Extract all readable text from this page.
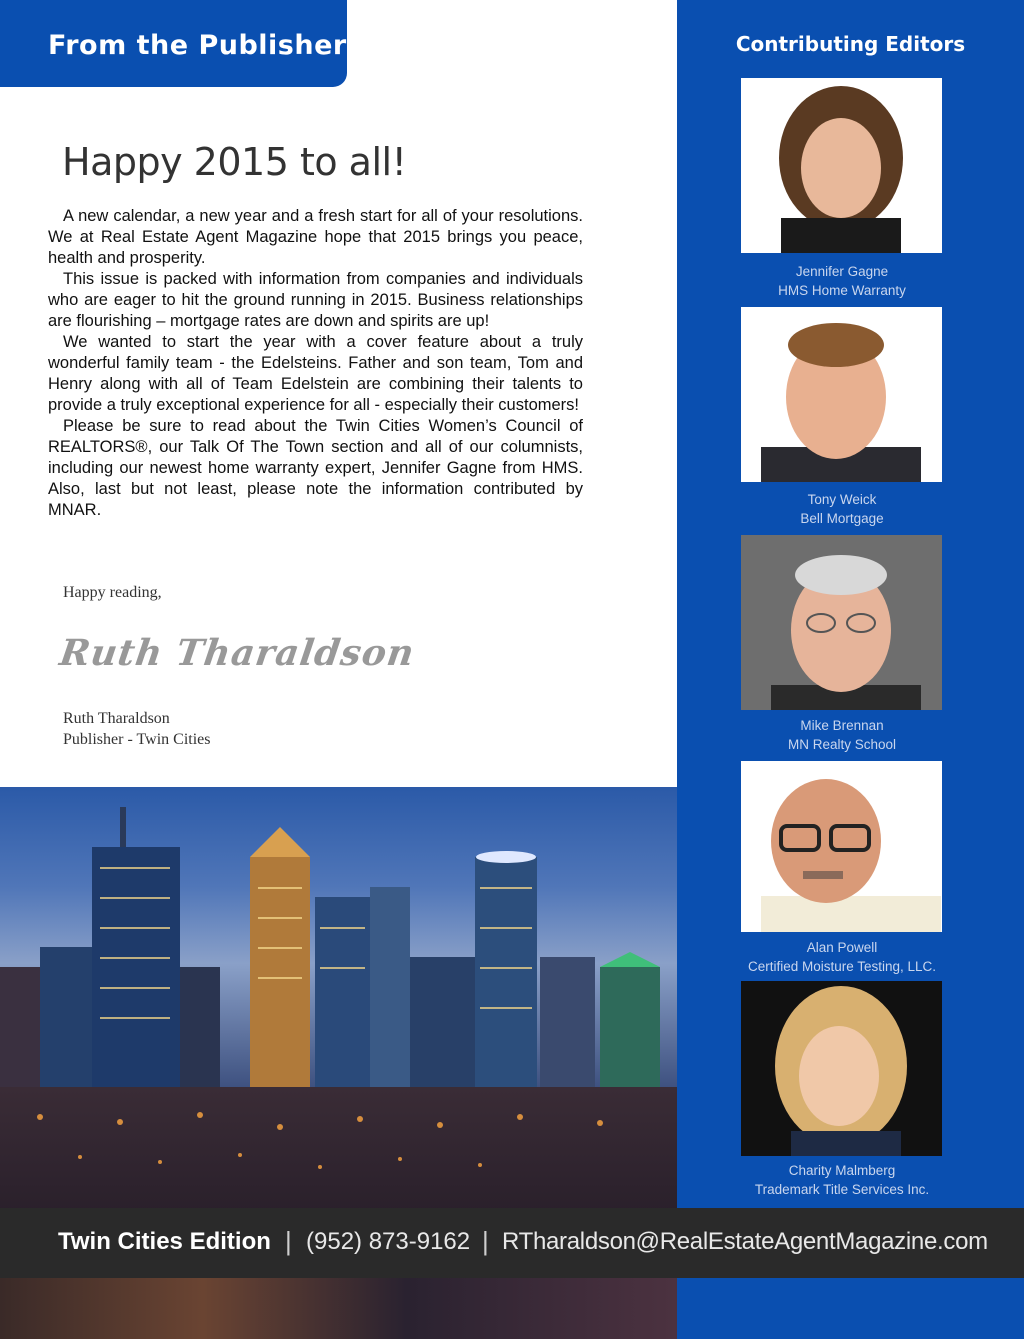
From the Publisher
Happy 2015 to all!

A new calendar, a new year and a fresh start for all of your resolutions. We at Real Estate Agent Magazine hope that 2015 brings you peace, health and prosperity.

This issue is packed with information from companies and individuals who are eager to hit the ground running in 2015. Business relationships are flourishing – mortgage rates are down and spirits are up!

We wanted to start the year with a cover feature about a truly wonderful family team - the Edelsteins. Father and son team, Tom and Henry along with all of Team Edelstein are combining their talents to provide a truly exceptional experience for all - especially their customers!

Please be sure to read about the Twin Cities Women’s Council of REALTORS®, our Talk Of The Town section and all of our columnists, including our newest home warranty expert, Jennifer Gagne from HMS. Also, last but not least, please note the information contributed by MNAR.

Happy reading,
Ruth Tharaldson
Ruth Tharaldson
Publisher - Twin Cities
Contributing Editors
Jennifer Gagne
HMS Home Warranty
Tony Weick
Bell Mortgage
Mike Brennan
MN Realty School
Alan Powell
Certified Moisture Testing, LLC.
Charity Malmberg
Trademark Title Services Inc.
Twin Cities Edition | (952) 873-9162 | RTharaldson@RealEstateAgentMagazine.com
